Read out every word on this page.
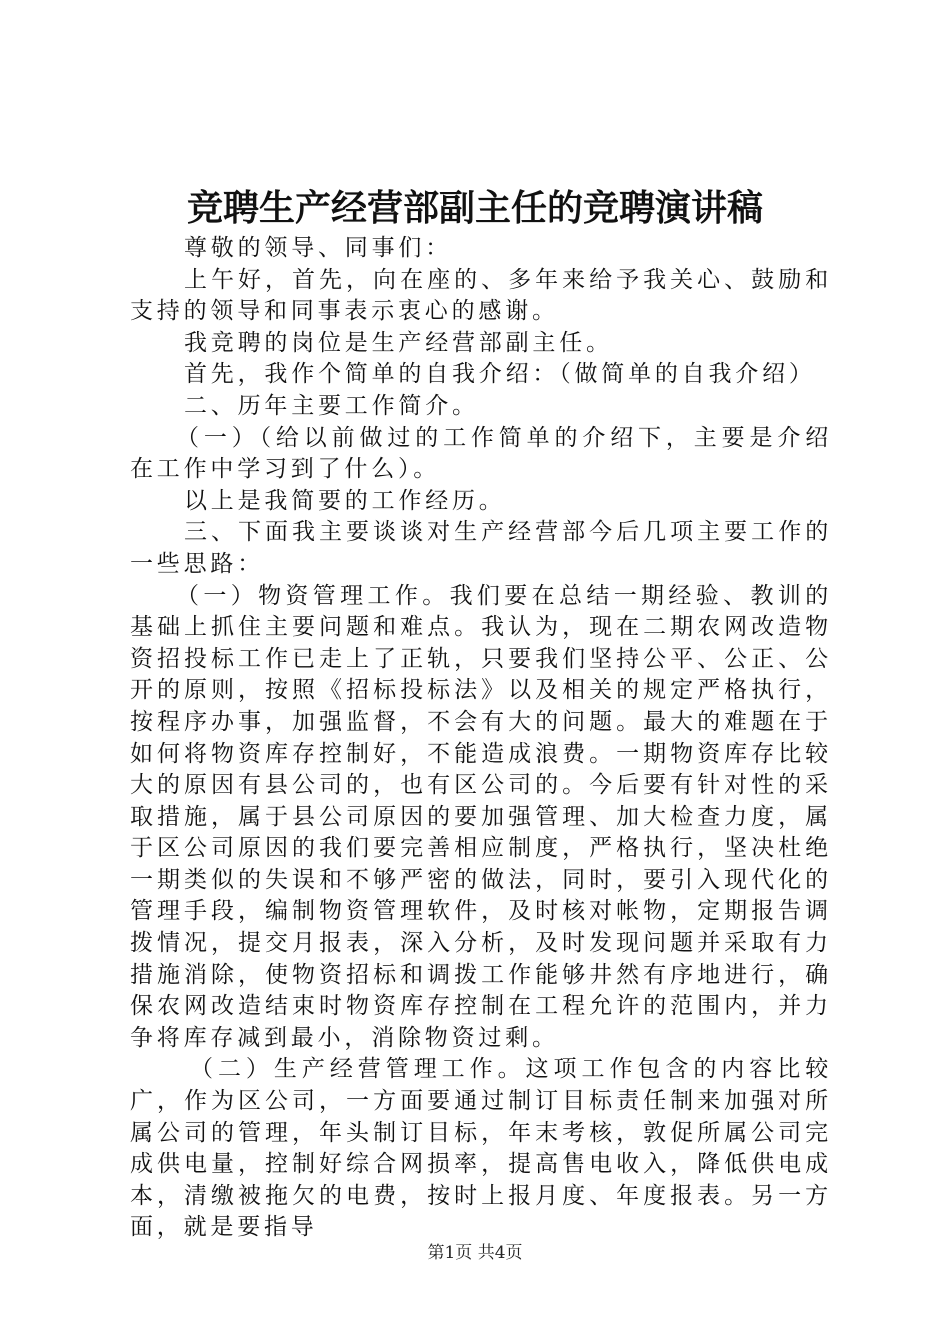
竞聘生产经营部副主任的竞聘演讲稿

尊敬的领导、同事们：

上午好，首先，向在座的、多年来给予我关心、鼓励和支持的领导和同事表示衷心的感谢。

我竞聘的岗位是生产经营部副主任。

首先，我作个简单的自我介绍：（做简单的自我介绍）

二、历年主要工作简介。

（一）（给以前做过的工作简单的介绍下，主要是介绍在工作中学习到了什么）。

以上是我简要的工作经历。

三、下面我主要谈谈对生产经营部今后几项主要工作的一些思路：

（一）物资管理工作。我们要在总结一期经验、教训的基础上抓住主要问题和难点。我认为，现在二期农网改造物资招投标工作已走上了正轨，只要我们坚持公平、公正、公开的原则，按照《招标投标法》以及相关的规定严格执行，按程序办事，加强监督，不会有大的问题。最大的难题在于如何将物资库存控制好，不能造成浪费。一期物资库存比较大的原因有县公司的，也有区公司的。今后要有针对性的采取措施，属于县公司原因的要加强管理、加大检查力度，属于区公司原因的我们要完善相应制度，严格执行，坚决杜绝一期类似的失误和不够严密的做法，同时，要引入现代化的管理手段，编制物资管理软件，及时核对帐物，定期报告调拨情况，提交月报表，深入分析，及时发现问题并采取有力措施消除，使物资招标和调拨工作能够井然有序地进行，确保农网改造结束时物资库存控制在工程允许的范围内，并力争将库存减到最小，消除物资过剩。

（二）生产经营管理工作。这项工作包含的内容比较广，作为区公司，一方面要通过制订目标责任制来加强对所属公司的管理，年头制订目标，年末考核，敦促所属公司完成供电量，控制好综合网损率，提高售电收入，降低供电成本，清缴被拖欠的电费，按时上报月度、年度报表。另一方面，就是要指导

第1页 共4页
